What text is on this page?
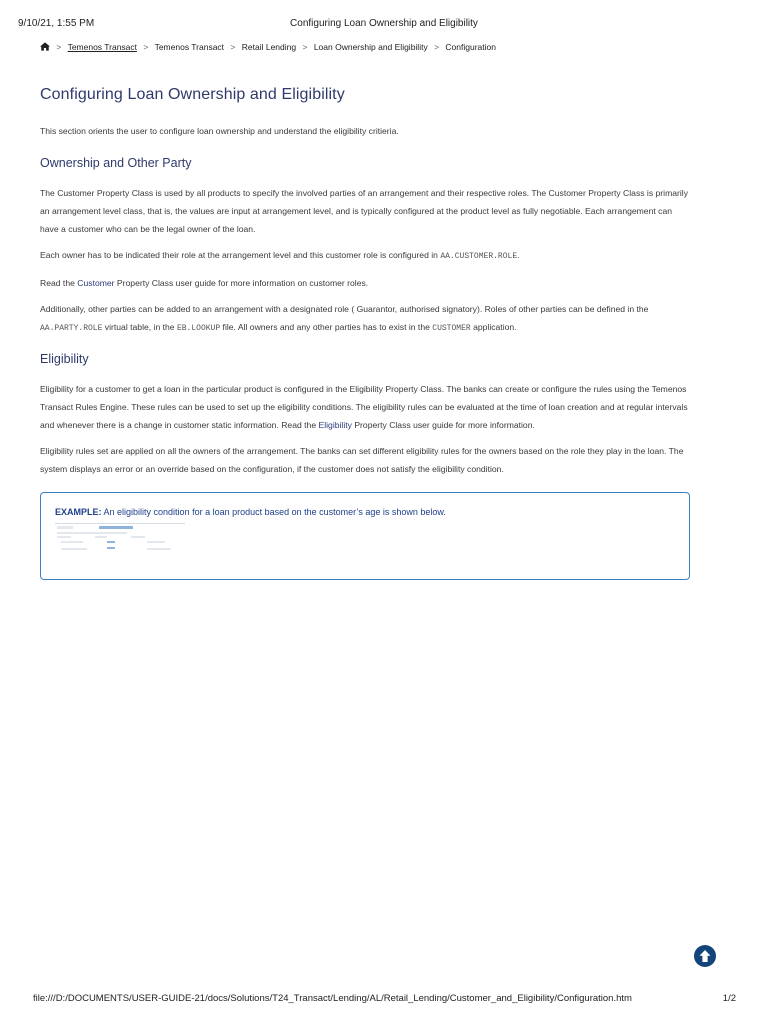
9/10/21, 1:55 PM	Configuring Loan Ownership and Eligibility
> Temenos Transact > Temenos Transact > Retail Lending > Loan Ownership and Eligibility > Configuration
Configuring Loan Ownership and Eligibility

This section orients the user to configure loan ownership and understand the eligibility critieria.

Ownership and Other Party

The Customer Property Class is used by all products to specify the involved parties of an arrangement and their respective roles. The Customer Property Class is primarily an arrangement level class, that is, the values are input at arrangement level, and is typically configured at the product level as fully negotiable. Each arrangement can have a customer who can be the legal owner of the loan.

Each owner has to be indicated their role at the arrangement level and this customer role is configured in AA.CUSTOMER.ROLE.

Read the Customer Property Class user guide for more information on customer roles.

Additionally, other parties can be added to an arrangement with a designated role ( Guarantor, authorised signatory). Roles of other parties can be defined in the AA.PARTY.ROLE virtual table, in the EB.LOOKUP file. All owners and any other parties has to exist in the CUSTOMER application.

Eligibility

Eligibility for a customer to get a loan in the particular product is configured in the Eligibility Property Class. The banks can create or configure the rules using the Temenos Transact Rules Engine. These rules can be used to set up the eligibility conditions. The eligibility rules can be evaluated at the time of loan creation and at regular intervals and whenever there is a change in customer static information. Read the Eligibility Property Class user guide for more information.

Eligibility rules set are applied on all the owners of the arrangement. The banks can set different eligibility rules for the owners based on the role they play in the loan. The system displays an error or an override based on the configuration, if the customer does not satisfy the eligibility condition.

EXAMPLE: An eligibility condition for a loan product based on the customer’s age is shown below.
file:///D:/DOCUMENTS/USER-GUIDE-21/docs/Solutions/T24_Transact/Lending/AL/Retail_Lending/Customer_and_Eligibility/Configuration.htm	1/2
